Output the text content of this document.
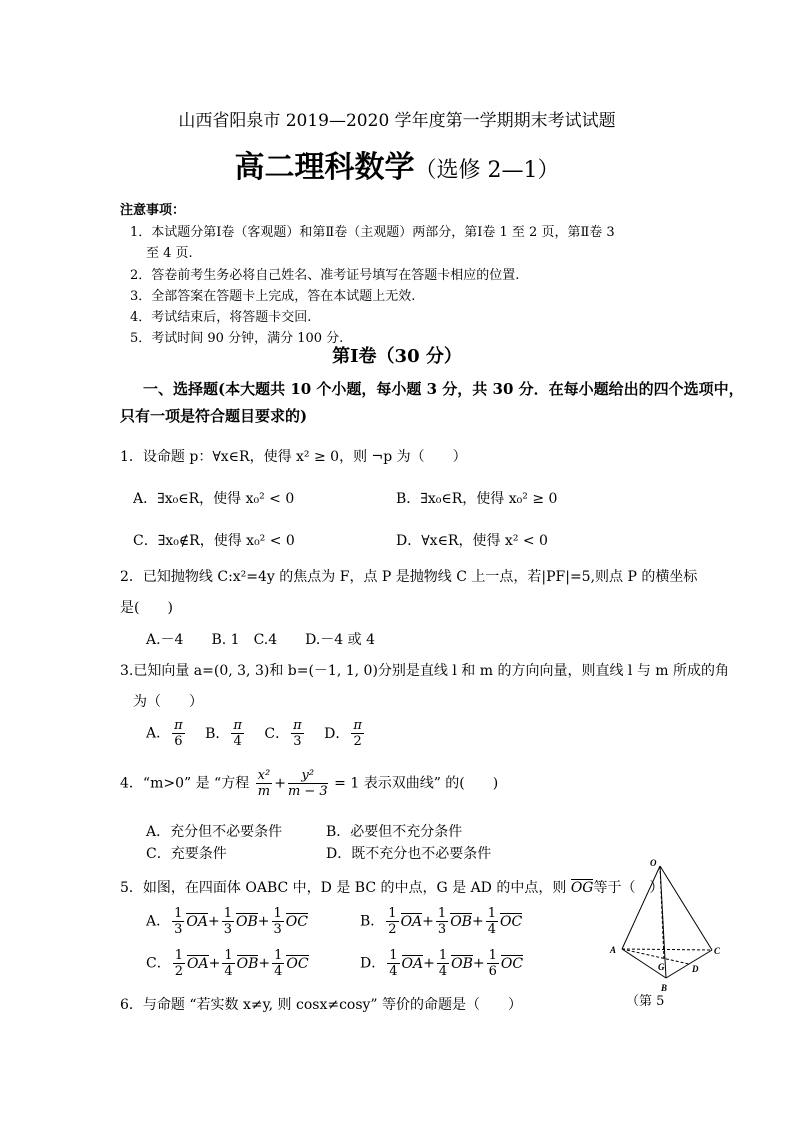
山西省阳泉市 2019—2020 学年度第一学期期末考试试题
高二理科数学（选修 2—1）
注意事项：
1．本试题分第Ⅰ卷（客观题）和第Ⅱ卷（主观题）两部分，第Ⅰ卷 1 至 2 页，第Ⅱ卷 3
至 4 页.
2．答卷前考生务必将自己姓名、准考证号填写在答题卡相应的位置.
3．全部答案在答题卡上完成，答在本试题上无效.
4．考试结束后，将答题卡交回.
5．考试时间 90 分钟，满分 100 分.
第Ⅰ卷（30 分）
一、选择题(本大题共 10 个小题，每小题 3 分，共 30 分．在每小题给出的四个选项中，
只有一项是符合题目要求的)
1．设命题 p：∀x∈R，使得 x² ≥ 0，则 ¬p 为（　　）
A．∃x₀∈R，使得 x₀² < 0	B．∃x₀∈R，使得 x₀² ≥ 0
C．∃x₀∉R，使得 x₀² < 0	D．∀x∈R，使得 x² < 0
2．已知抛物线 C:x²=4y 的焦点为 F，点 P 是抛物线 C 上一点，若|PF|=5,则点 P 的横坐标
是(　　)
A.－4　　B. 1　C.4　　D.－4 或 4
3.已知向量 a=(0, 3, 3)和 b=(－1, 1, 0)分别是直线 l 和 m 的方向向量，则直线 l 与 m 所成的角
为（　　）
A． $\frac{\pi}{6}$ B． $\frac{\pi}{4}$ C． $\frac{\pi}{3}$ D． $\frac{\pi}{2}$
4．“m>0” 是 “方程 $\frac{\text{x²}}{m} + \frac{\text{y²}}{m - 3} = 1$ 表示双曲线” 的(　　)
A．充分但不必要条件	B．必要但不充分条件
C．充要条件	D．既不充分也不必要条件
5．如图，在四面体 OABC 中，D 是 BC 的中点，G 是 AD 的中点，则 OG等于（　）
A． $\frac{1}{3} OA+ \frac{1}{3} OB+ \frac{1}{3}$ OC	B． $\frac{1}{2} OA+ \frac{1}{3} OB+ \frac{1}{4}$ OC
C． $\frac{1}{2} OA+ \frac{1}{4} OB+ \frac{1}{4}$ OC	D． $\frac{1}{4} OA+ \frac{1}{4} OB+ \frac{1}{6}$ OC
O
A
B
C
D
G
（第 5
6．与命题 “若实数 x≠y, 则 cosx≠cosy” 等价的命题是（　　）
